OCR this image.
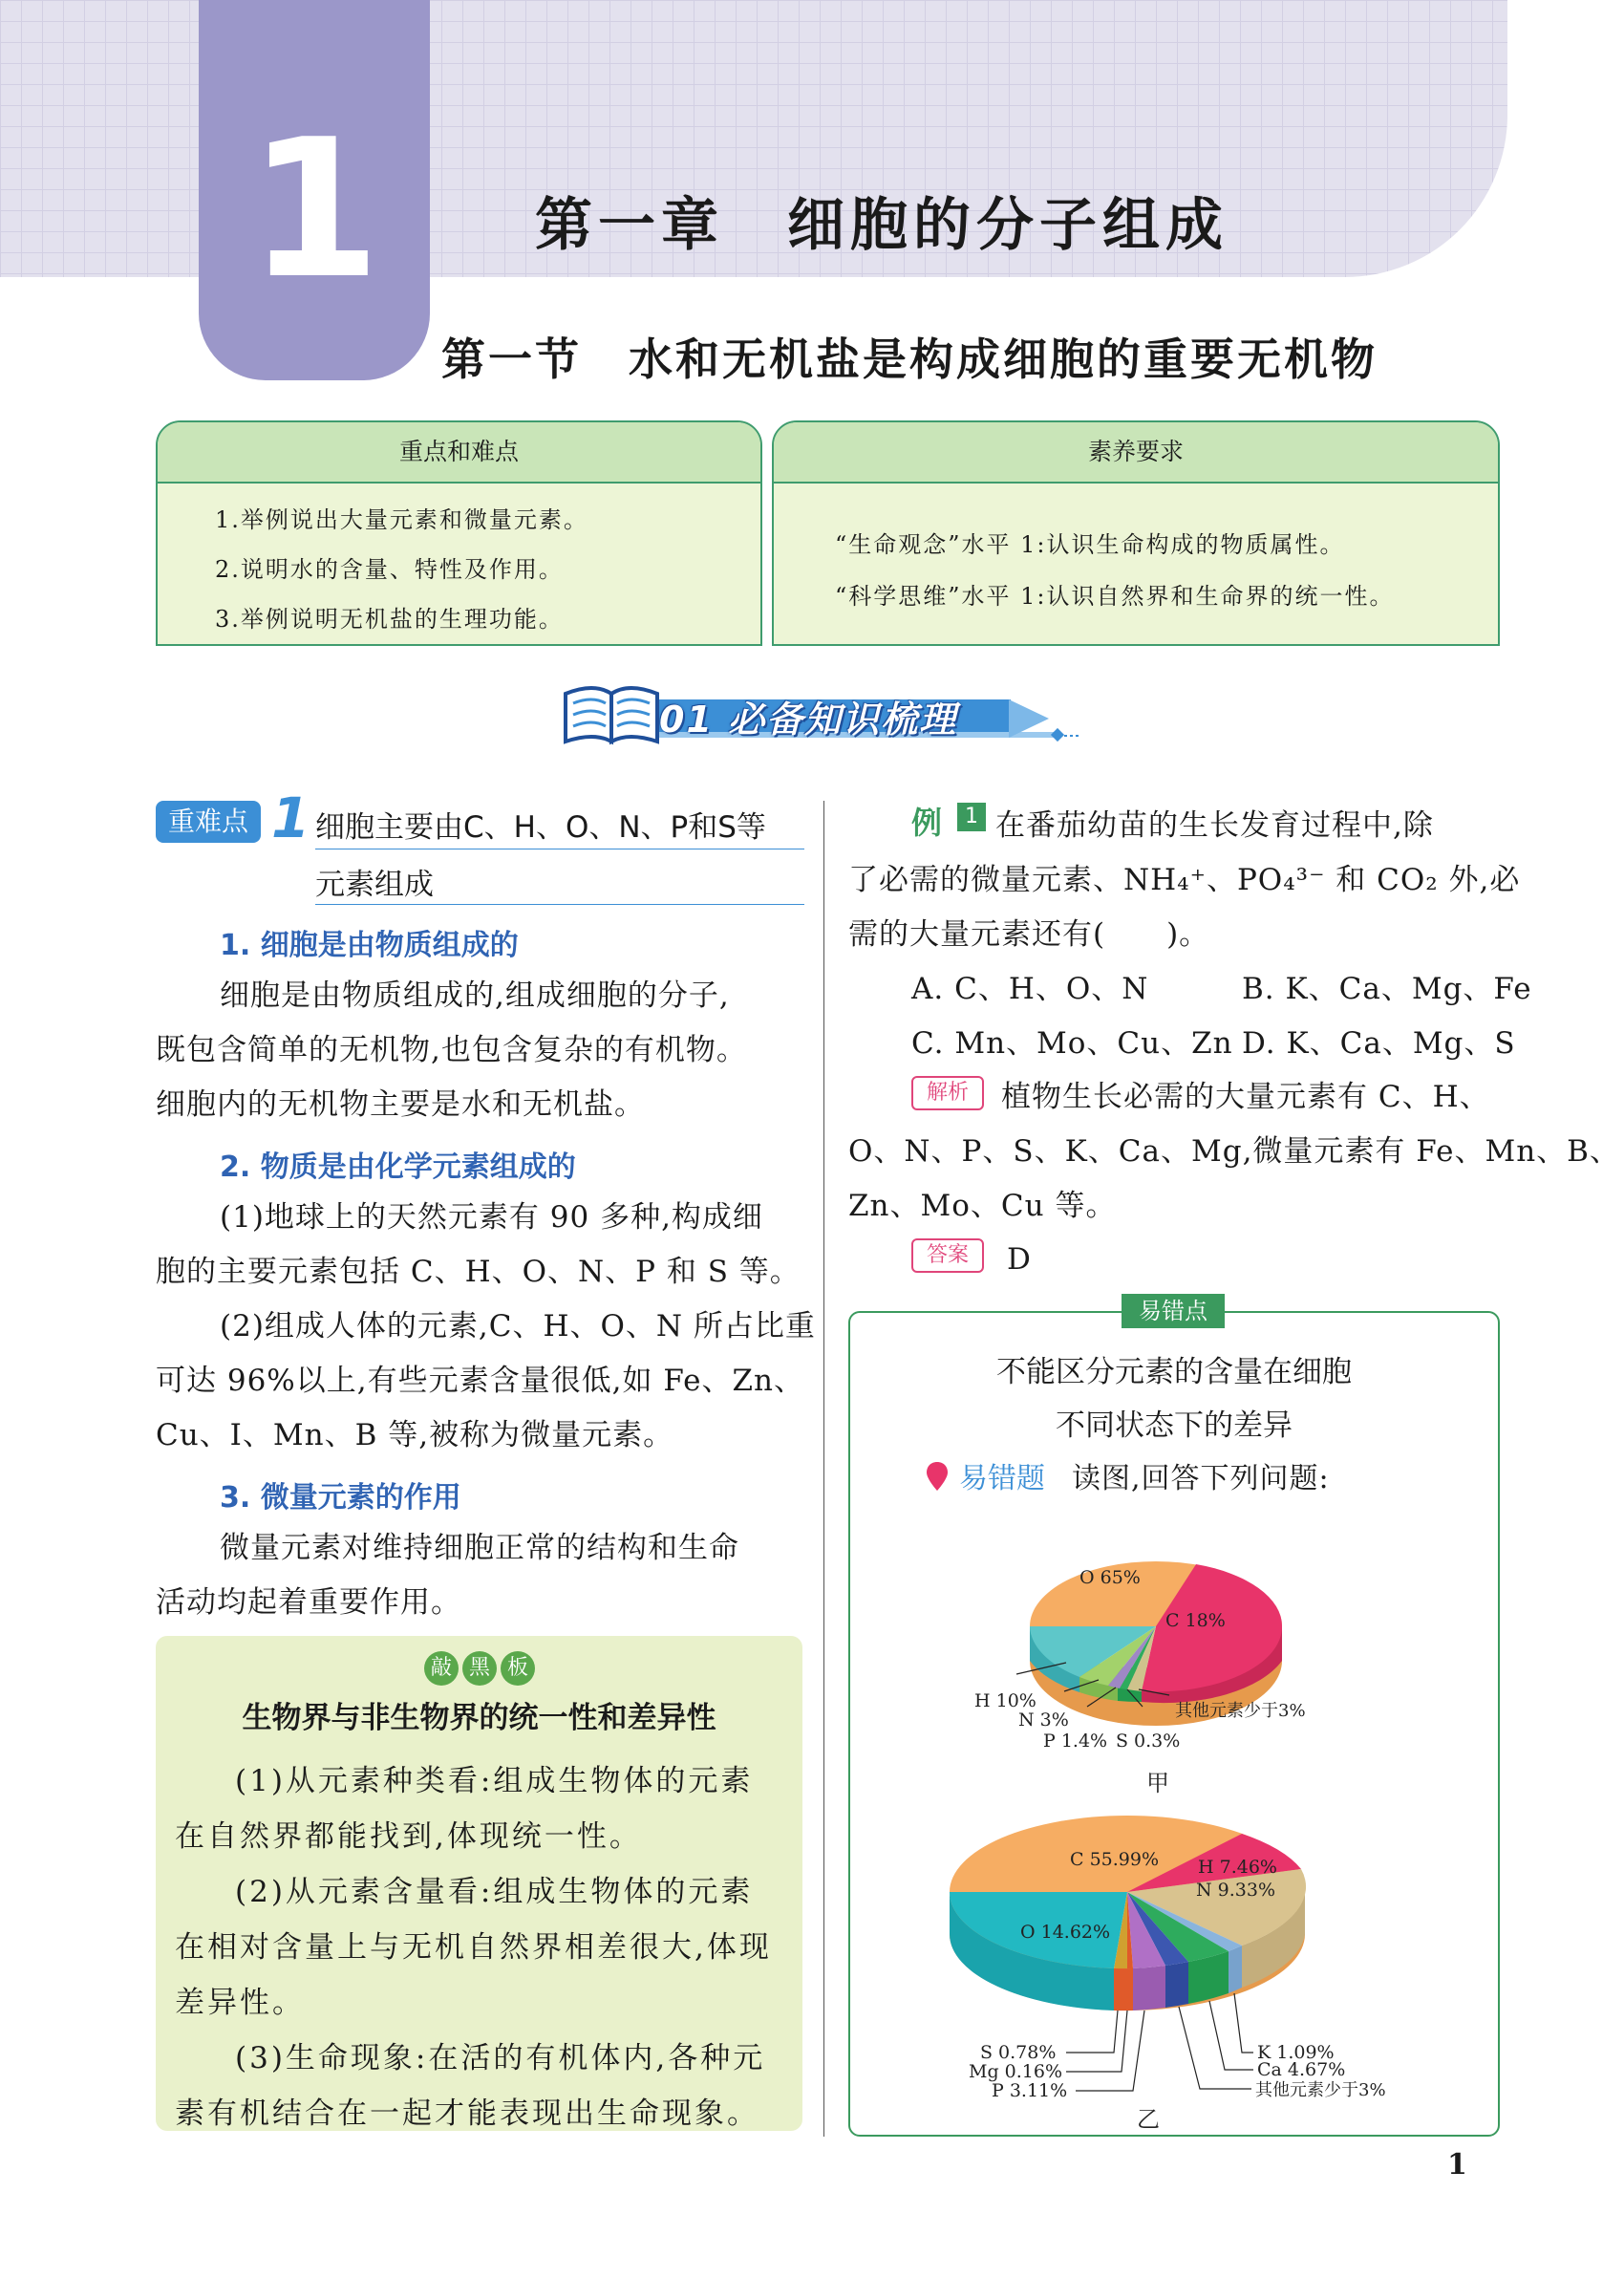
1	第一章　细胞的分子组成
第一节　水和无机盐是构成细胞的重要无机物
重点和难点
1.举例说出大量元素和微量元素。
2.说明水的含量、特性及作用。
3.举例说明无机盐的生理功能。
素养要求
“生命观念”水平 1:认识生命构成的物质属性。
“科学思维”水平 1:认识自然界和生命界的统一性。
01 必备知识梳理
重难点 1 细胞主要由C、H、O、N、P和S等
元素组成
1. 细胞是由物质组成的
细胞是由物质组成的,组成细胞的分子,
既包含简单的无机物,也包含复杂的有机物。
细胞内的无机物主要是水和无机盐。
2. 物质是由化学元素组成的
(1)地球上的天然元素有 90 多种,构成细
胞的主要元素包括 C、H、O、N、P 和 S 等。
(2)组成人体的元素,C、H、O、N 所占比重
可达 96%以上,有些元素含量很低,如 Fe、Zn、
Cu、I、Mn、B 等,被称为微量元素。
3. 微量元素的作用
微量元素对维持细胞正常的结构和生命
活动均起着重要作用。
敲 黑 板
生物界与非生物界的统一性和差异性
(1)从元素种类看:组成生物体的元素
在自然界都能找到,体现统一性。
(2)从元素含量看:组成生物体的元素
在相对含量上与无机自然界相差很大,体现
差异性。
(3)生命现象:在活的有机体内,各种元
素有机结合在一起才能表现出生命现象。
例	1 在番茄幼苗的生长发育过程中,除
了必需的微量元素、NH₄⁺、PO₄³⁻ 和 CO₂ 外,必
需的大量元素还有(　　)。
A. C、H、O、N	B. K、Ca、Mg、Fe
C. Mn、Mo、Cu、Zn D. K、Ca、Mg、S
解析	植物生长必需的大量元素有 C、H、
O、N、P、S、K、Ca、Mg,微量元素有 Fe、Mn、B、
Zn、Mo、Cu 等。
答案	D
易错点
不能区分元素的含量在细胞
不同状态下的差异
易错题 读图,回答下列问题:
O 65%
C 18%
H 10%
N 3%
P 1.4% S 0.3%
其他元素少于3%
甲
C 55.99% H 7.46%
N 9.33%
K 1.09%
Ca 4.67%
其他元素少于3%
P 3.11%
Mg 0.16%
S 0.78%
O 14.62%
乙
1
